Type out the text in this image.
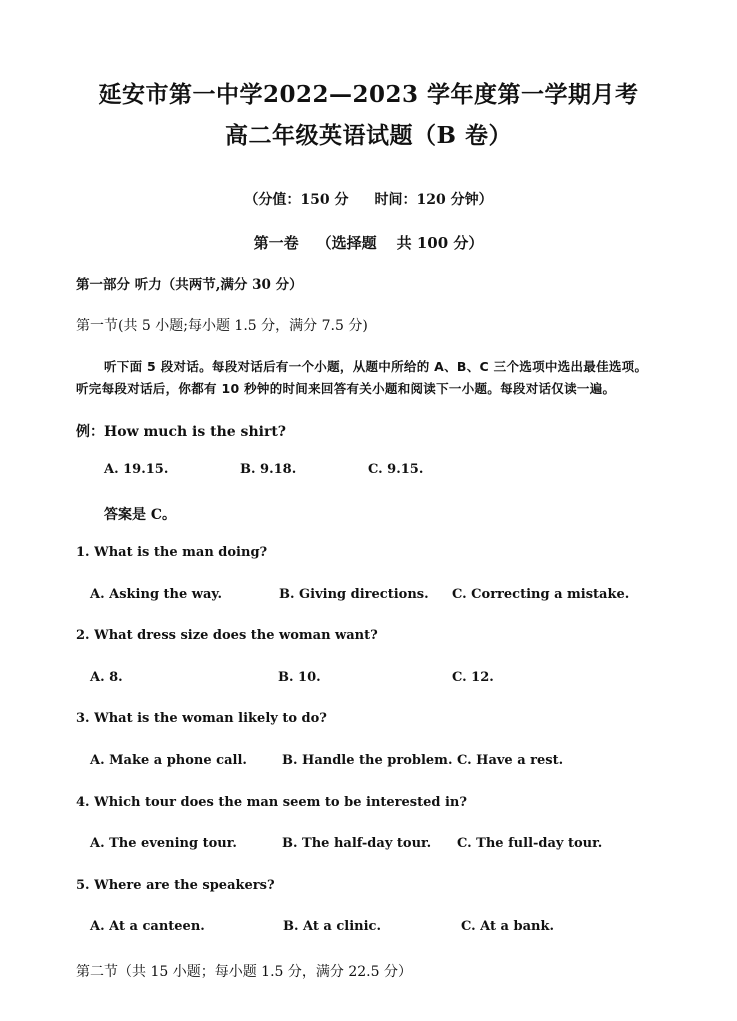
延安市第一中学2022—2023 学年度第一学期月考
高二年级英语试题（B 卷）
（分值：150 分 时间：120 分钟）
第一卷 （选择题 共 100 分）
第一部分 听力（共两节,满分 30 分）
第一节(共 5 小题;每小题 1.5 分，满分 7.5 分)
听下面 5 段对话。每段对话后有一个小题，从题中所给的 A、B、C 三个选项中选出最佳选项。
听完每段对话后，你都有 10 秒钟的时间来回答有关小题和阅读下一小题。每段对话仅读一遍。
例：How much is the shirt?
A. 19.15.	B. 9.18.	C. 9.15.
答案是 C。
1. What is the man doing?
A. Asking the way.	B. Giving directions. C. Correcting a mistake.
2. What dress size does the woman want?
A. 8.	B. 10.	C. 12.
3. What is the woman likely to do?
A. Make a phone call.	B. Handle the problem. C. Have a rest.
4. Which tour does the man seem to be interested in?
A. The evening tour.	B. The half-day tour. C. The full-day tour.
5. Where are the speakers?
A. At a canteen.	B. At a clinic.	C. At a bank.
第二节（共 15 小题；每小题 1.5 分，满分 22.5 分）
